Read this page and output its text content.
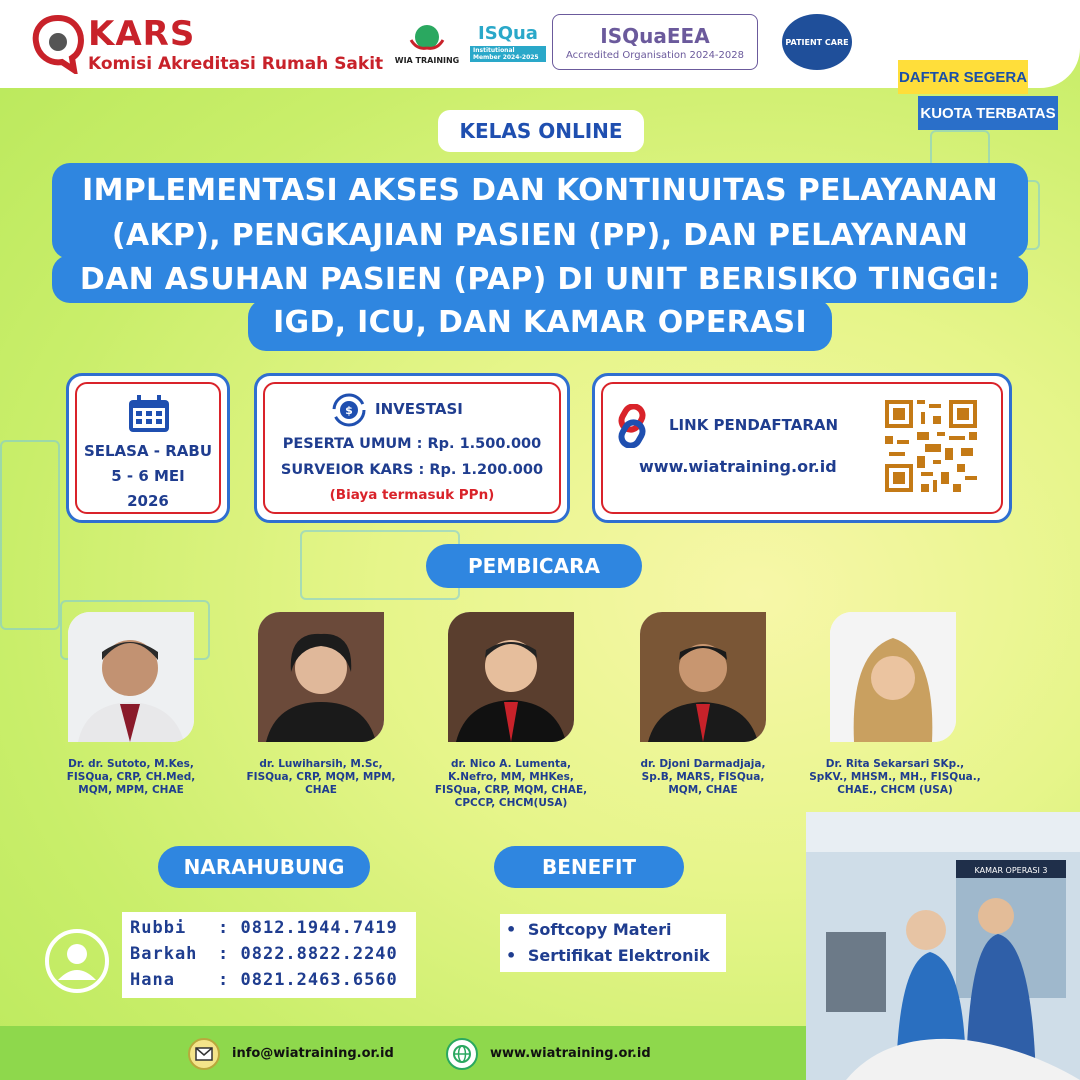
KARS
Komisi Akreditasi Rumah Sakit WIA TRAINING
ISQua
Institutional Member 2024-2025
ISQuaEEA
Accredited Organisation 2024-2028
PATIENT CARE
DAFTAR SEGERA
KUOTA TERBATAS
KELAS ONLINE
IMPLEMENTASI AKSES DAN KONTINUITAS PELAYANAN
(AKP), PENGKAJIAN PASIEN (PP), DAN PELAYANAN
DAN ASUHAN PASIEN (PAP) DI UNIT BERISIKO TINGGI:
IGD, ICU, DAN KAMAR OPERASI
SELASA - RABU
5 - 6 MEI
2026
$ INVESTASI
PESERTA UMUM : Rp. 1.500.000
SURVEIOR KARS : Rp. 1.200.000
(Biaya termasuk PPn)
LINK PENDAFTARAN
www.wiatraining.or.id
PEMBICARA
Dr. dr. Sutoto, M.Kes,
FISQua, CRP, CH.Med,
MQM, MPM, CHAE
dr. Luwiharsih, M.Sc,
FISQua, CRP, MQM, MPM,
CHAE
dr. Nico A. Lumenta,
K.Nefro, MM, MHKes,
FISQua, CRP, MQM, CHAE,
CPCCP, CHCM(USA)
dr. Djoni Darmadjaja,
Sp.B, MARS, FISQua,
MQM, CHAE
Dr. Rita Sekarsari SKp.,
SpKV., MHSM., MH., FISQua.,
CHAE., CHCM (USA)
NARAHUBUNG
Rubbi : 0812.1944.7419
Barkah : 0822.8822.2240
Hana	: 0821.2463.6560
BENEFIT
• Softcopy Materi
• Sertifikat Elektronik
info@wiatraining.or.id	www.wiatraining.or.id
KAMAR OPERASI 3
